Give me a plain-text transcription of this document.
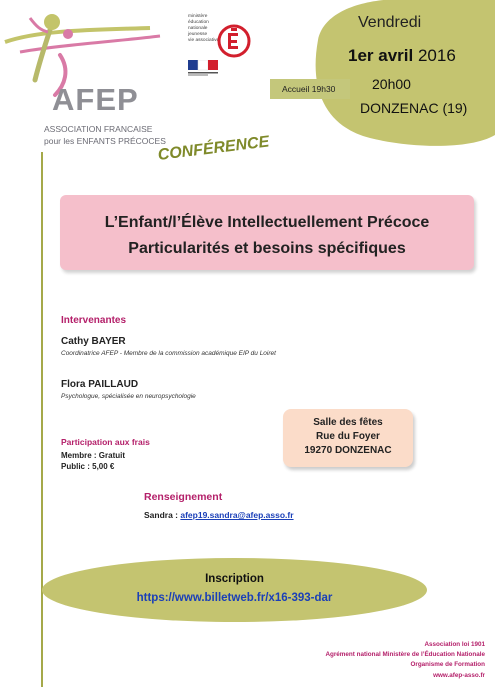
AFEP
ASSOCIATION FRANCAISE
pour les ENFANTS PRÉCOCES
ministère
éducation
nationale
jeunesse
vie associative
Vendredi
1er avril 2016
20h00
DONZENAC (19)
Accueil 19h30
CONFÉRENCE
L’Enfant/l’Élève Intellectuellement Précoce
Particularités et besoins spécifiques
Intervenantes
Cathy BAYER
Coordinatrice AFEP - Membre de la commission académique EIP du Loiret
Flora PAILLAUD
Psychologue, spécialisée en neuropsychologie
Participation aux frais
Membre : Gratuit
Public : 5,00 €
Salle des fêtes
Rue du Foyer
19270 DONZENAC
Renseignement
Sandra : afep19.sandra@afep.asso.fr
Inscription
https://www.billetweb.fr/x16-393-dar
Association loi 1901
Agrément national Ministère de l’Éducation Nationale
Organisme de Formation
www.afep-asso.fr
